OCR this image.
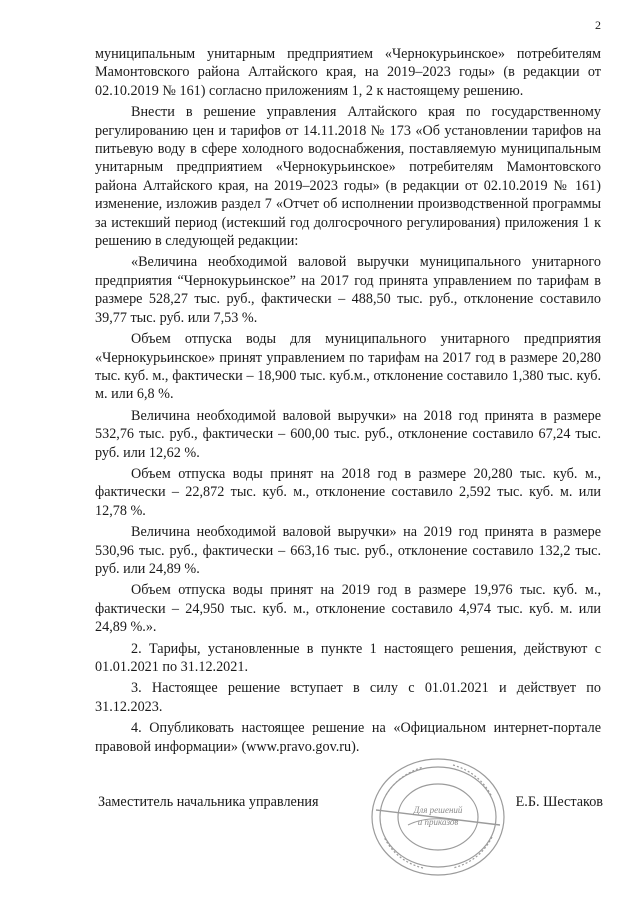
2

муниципальным унитарным предприятием «Чернокурьинское» потребителям Мамонтовского района Алтайского края, на 2019–2023 годы» (в редакции от 02.10.2019 № 161) согласно приложениям 1, 2 к настоящему решению.

Внести в решение управления Алтайского края по государственному регулированию цен и тарифов от 14.11.2018 № 173 «Об установлении тарифов на питьевую воду в сфере холодного водоснабжения, поставляемую муниципальным унитарным предприятием «Чернокурьинское» потребителям Мамонтовского района Алтайского края, на 2019–2023 годы» (в редакции от 02.10.2019 № 161) изменение, изложив раздел 7 «Отчет об исполнении производственной программы за истекший период (истекший год долгосрочного регулирования) приложения 1 к решению в следующей редакции:

«Величина необходимой валовой выручки муниципального унитарного предприятия “Чернокурьинское” на 2017 год принята управлением по тарифам в размере 528,27 тыс. руб., фактически – 488,50 тыс. руб., отклонение составило 39,77 тыс. руб. или 7,53 %.

Объем отпуска воды для муниципального унитарного предприятия «Чернокурьинское» принят управлением по тарифам на 2017 год в размере 20,280 тыс. куб. м., фактически – 18,900 тыс. куб.м., отклонение составило 1,380 тыс. куб. м. или 6,8 %.

Величина необходимой валовой выручки» на 2018 год принята в размере 532,76 тыс. руб., фактически – 600,00 тыс. руб., отклонение составило 67,24 тыс. руб. или 12,62 %.

Объем отпуска воды принят на 2018 год в размере 20,280 тыс. куб. м., фактически – 22,872 тыс. куб. м., отклонение составило 2,592 тыс. куб. м. или 12,78 %.

Величина необходимой валовой выручки» на 2019 год принята в размере 530,96 тыс. руб., фактически – 663,16 тыс. руб., отклонение составило 132,2 тыс. руб. или 24,89 %.

Объем отпуска воды принят на 2019 год в размере 19,976 тыс. куб. м., фактически – 24,950 тыс. куб. м., отклонение составило 4,974 тыс. куб. м. или 24,89 %.».

2. Тарифы, установленные в пункте 1 настоящего решения, действуют с 01.01.2021 по 31.12.2021.

3. Настоящее решение вступает в силу с 01.01.2021 и действует по 31.12.2023.

4. Опубликовать настоящее решение на «Официальном интернет-портале правовой информации» (www.pravo.gov.ru).

Для решений
и приказов
Заместитель начальника управления	Е.Б. Шестаков
